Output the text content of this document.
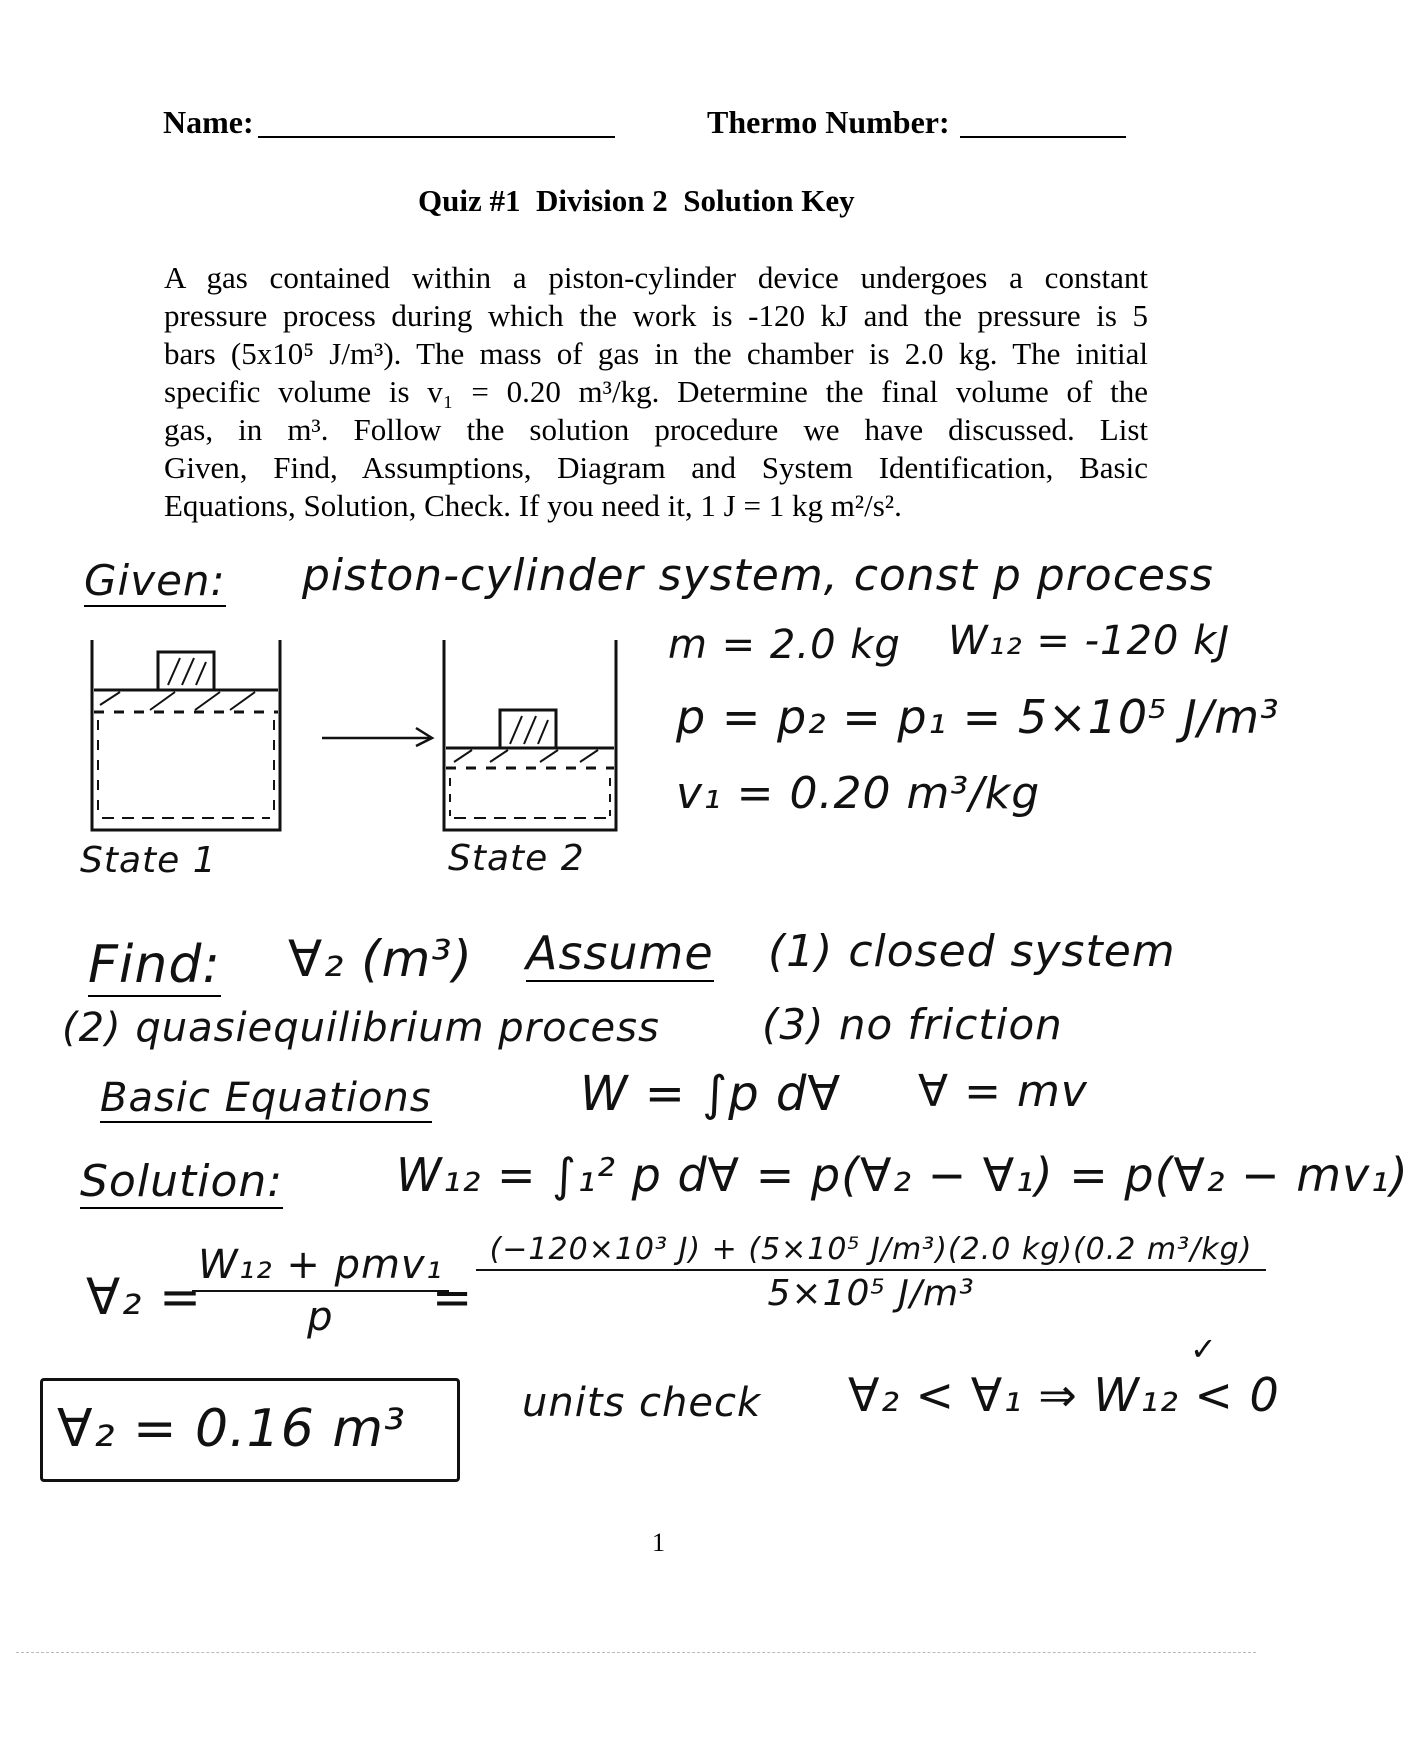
Name:	Thermo Number:
Quiz #1  Division 2  Solution Key
A gas contained within a piston-cylinder device undergoes a constant
pressure process during which the work is -120 kJ and the pressure is 5
bars (5x10⁵ J/m³). The mass of gas in the chamber is 2.0 kg. The initial
specific volume is v₁ = 0.20 m³/kg. Determine the final volume of the
gas, in m³. Follow the solution procedure we have discussed. List
Given, Find, Assumptions, Diagram and System Identification, Basic
Equations, Solution, Check. If you need it, 1 J = 1 kg m²/s².
Given: piston-cylinder system, const p process
m = 2.0 kg W₁₂ = -120 kJ
p = p₂ = p₁ = 5×10⁵ J/m³
v₁ = 0.20 m³/kg
State 1	State 2
Find: ∀₂ (m³) Assume (1) closed system
(2) quasiequilibrium process (3) no friction
Basic Equations	W = ∫p d∀ ∀ = mv
Solution: W₁₂ = ∫₁² p d∀ = p(∀₂ − ∀₁) = p(∀₂ − mv₁)
∀₂ =
$\frac{\text{W₁₂ + pmv₁}}{p}$
= $\frac{\text{(−120×10³ J) + (5×10⁵ J/m³)(2.0 kg)(0.2 m³/kg)}}{\text{5×10⁵ J/m³}}$
∀₂ = 0.16 m³	units check ∀₂ < ∀₁ ⇒ W₁₂ < 0
✓
1
